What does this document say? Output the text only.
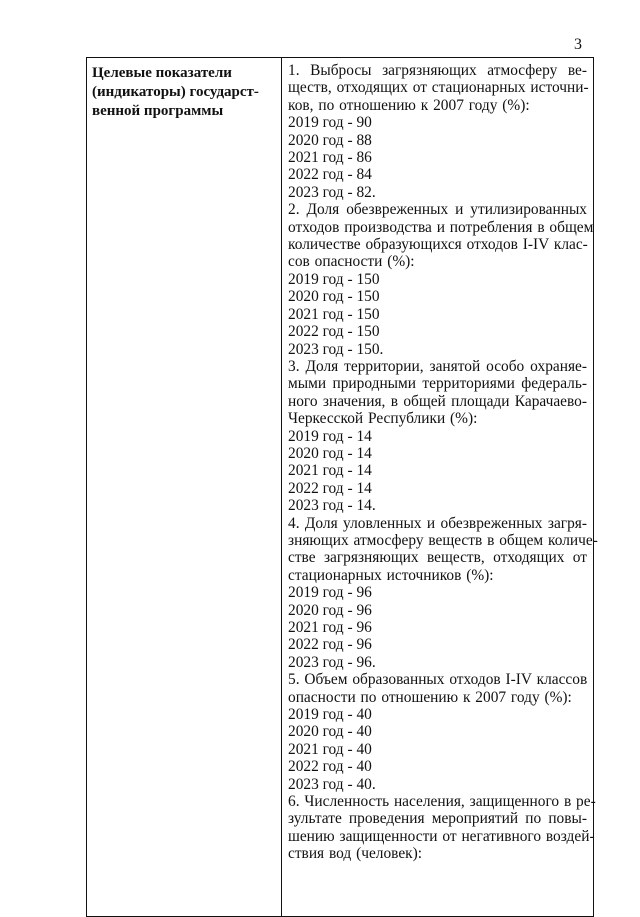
3
Целевые показатели
(индикаторы) государст-
венной программы

1. Выбросы загрязняющих атмосферу ве-
ществ, отходящих от стационарных источни-
ков, по отношению к 2007 году (%):
2019 год - 90
2020 год - 88
2021 год - 86
2022 год - 84
2023 год - 82.
2. Доля обезвреженных и утилизированных
отходов производства и потребления в общем
количестве образующихся отходов I-IV клас-
сов опасности (%):
2019 год - 150
2020 год - 150
2021 год - 150
2022 год - 150
2023 год - 150.
3. Доля территории, занятой особо охраняе-
мыми природными территориями федераль-
ного значения, в общей площади Карачаево-
Черкесской Республики (%):
2019 год - 14
2020 год - 14
2021 год - 14
2022 год - 14
2023 год - 14.
4. Доля уловленных и обезвреженных загря-
зняющих атмосферу веществ в общем количе-
стве загрязняющих веществ, отходящих от
стационарных источников (%):
2019 год - 96
2020 год - 96
2021 год - 96
2022 год - 96
2023 год - 96.
5. Объем образованных отходов I-IV классов
опасности по отношению к 2007 году (%):
2019 год - 40
2020 год - 40
2021 год - 40
2022 год - 40
2023 год - 40.
6. Численность населения, защищенного в ре-
зультате проведения мероприятий по повы-
шению защищенности от негативного воздей-
ствия вод (человек):
